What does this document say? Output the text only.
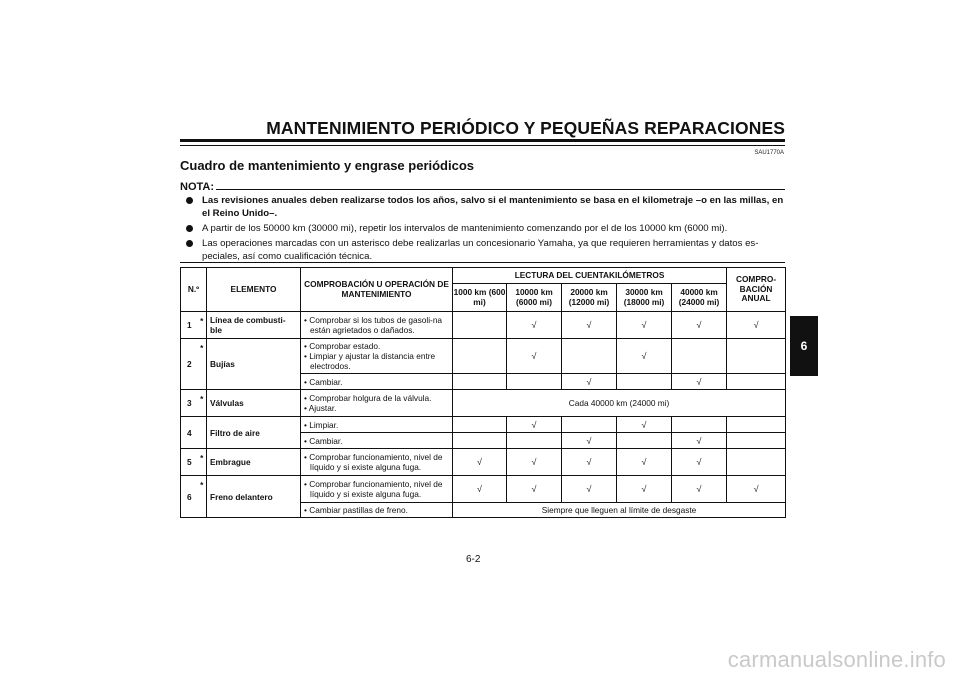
MANTENIMIENTO PERIÓDICO Y PEQUEÑAS REPARACIONES
SAU1770A
Cuadro de mantenimiento y engrase periódicos
NOTA:
Las revisiones anuales deben realizarse todos los años, salvo si el mantenimiento se basa en el kilometraje –o en las millas, en el Reino Unido–.
A partir de los 50000 km (30000 mi), repetir los intervalos de mantenimiento comenzando por el de los 10000 km (6000 mi).
Las operaciones marcadas con un asterisco debe realizarlas un concesionario Yamaha, ya que requieren herramientas y datos es-peciales, así como cualificación técnica.
N.º		ELEMENTO	COMPROBACIÓN U OPERACIÓN DE MANTENIMIENTO	LECTURA DEL CUENTAKILÓMETROS					COMPRO-BACIÓN ANUAL
				1000 km (600 mi)	10000 km (6000 mi)	20000 km (12000 mi)	30000 km (18000 mi)	40000 km (24000 mi)	
1	*	Línea de combusti-ble	• Comprobar si los tubos de gasoli-na están agrietados o dañados.		√	√	√	√	√
2	*	Bujías	• Comprobar estado.
• Limpiar y ajustar la distancia entre electrodos.		√		√		

			• Cambiar.			√		√	
3	*	Válvulas	• Comprobar holgura de la válvula.
• Ajustar.	Cada 40000 km (24000 mi)					
4		Filtro de aire	• Limpiar.		√		√		

			• Cambiar.			√		√	
5	*	Embrague	• Comprobar funcionamiento, nivel de líquido y si existe alguna fuga.	√	√	√	√	√	
6	*	Freno delantero	• Comprobar funcionamiento, nivel de líquido y si existe alguna fuga.	√	√	√	√	√	√

			• Cambiar pastillas de freno.	Siempre que lleguen al límite de desgaste					
6
6-2
carmanualsonline.info
